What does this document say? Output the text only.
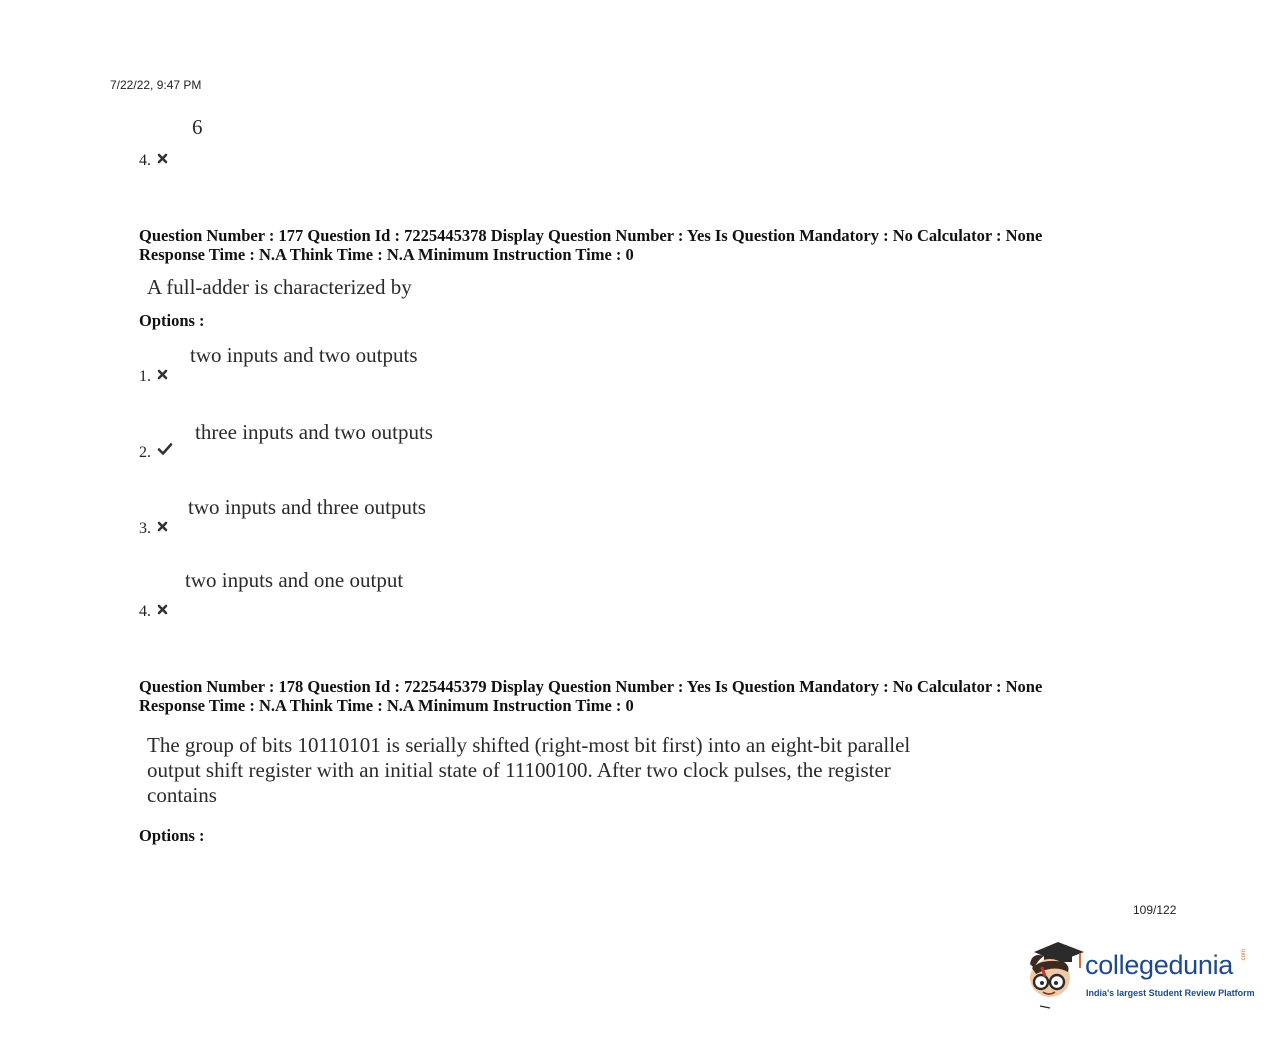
7/22/22, 9:47 PM
6
4.
Question Number : 177 Question Id : 7225445378 Display Question Number : Yes Is Question Mandatory : No Calculator : None
Response Time : N.A Think Time : N.A Minimum Instruction Time : 0
A full-adder is characterized by
Options :
two inputs and two outputs
1.
three inputs and two outputs
2.
two inputs and three outputs
3.
two inputs and one output
4.
Question Number : 178 Question Id : 7225445379 Display Question Number : Yes Is Question Mandatory : No Calculator : None
Response Time : N.A Think Time : N.A Minimum Instruction Time : 0
The group of bits 10110101 is serially shifted (right-most bit first) into an eight-bit parallel
output shift register with an initial state of 11100100. After two clock pulses, the register
contains
Options :
109/122
collegedunia .com
India's largest Student Review Platform
